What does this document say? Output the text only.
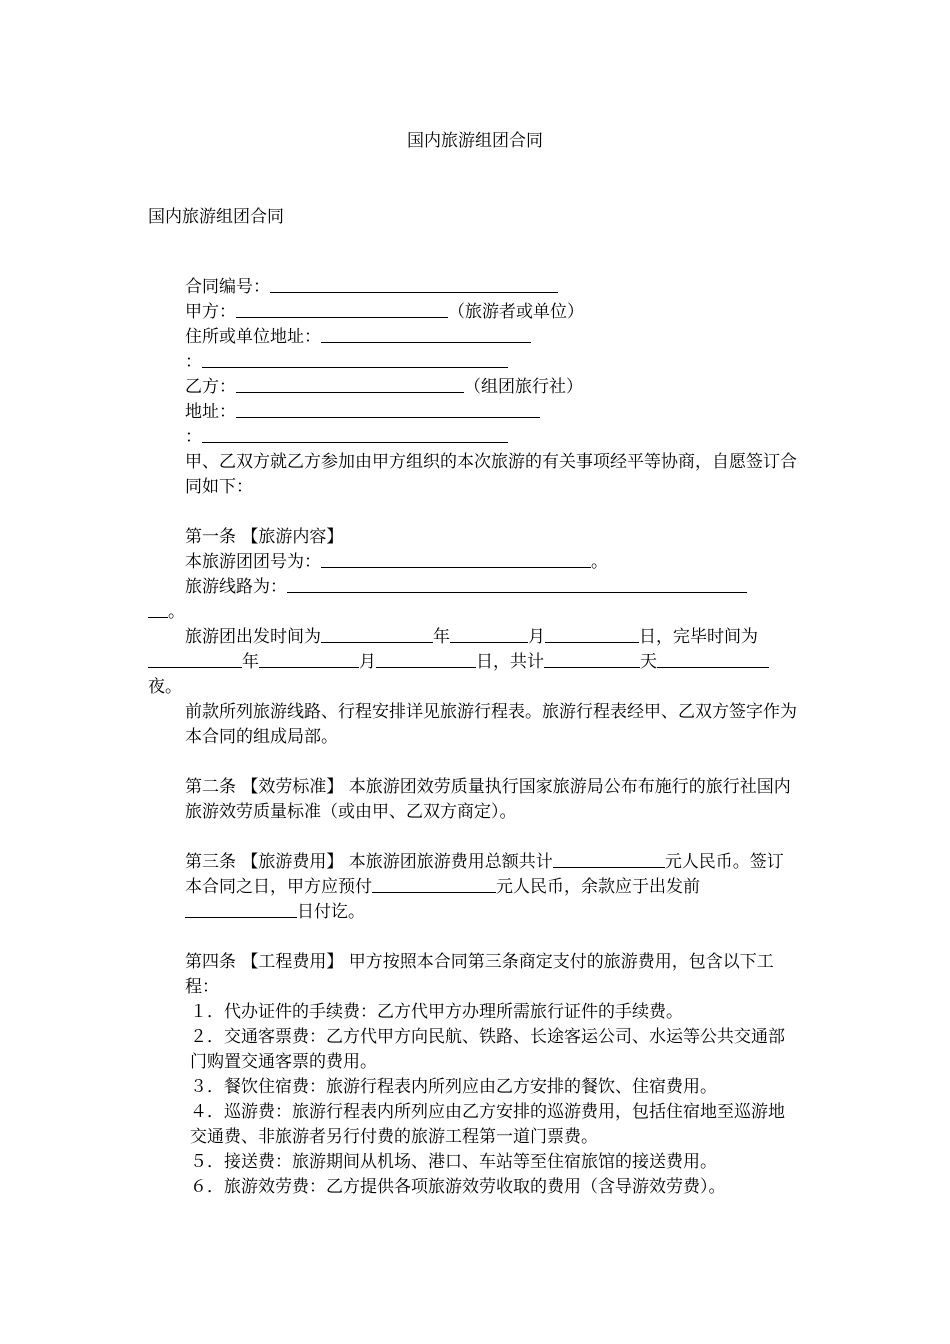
国内旅游组团合同
国内旅游组团合同
合同编号：
甲方：	（旅游者或单位）
住所或单位地址：
：
乙方：	（组团旅行社）
地址：
：
甲、乙双方就乙方参加由甲方组织的本次旅游的有关事项经平等协商，自愿签订合同如下：
第一条 【旅游内容】
本旅游团团号为：	。
旅游线路为：
。
旅游团出发时间为	年	月	日，完毕时间为
年	月	日，共计	天
夜。
前款所列旅游线路、行程安排详见旅游行程表。旅游行程表经甲、乙双方签字作为本合同的组成局部。
第二条 【效劳标准】 本旅游团效劳质量执行国家旅游局公布布施行的旅行社国内旅游效劳质量标准（或由甲、乙双方商定）。
第三条 【旅游费用】 本旅游团旅游费用总额共计	元人民币。签订本合同之日，甲方应预付	元人民币，余款应于出发前日付讫。
第四条 【工程费用】 甲方按照本合同第三条商定支付的旅游费用，包含以下工程：
１．代办证件的手续费：乙方代甲方办理所需旅行证件的手续费。
２．交通客票费：乙方代甲方向民航、铁路、长途客运公司、水运等公共交通部门购置交通客票的费用。
３．餐饮住宿费：旅游行程表内所列应由乙方安排的餐饮、住宿费用。
４．巡游费：旅游行程表内所列应由乙方安排的巡游费用，包括住宿地至巡游地交通费、非旅游者另行付费的旅游工程第一道门票费。
５．接送费：旅游期间从机场、港口、车站等至住宿旅馆的接送费用。
６．旅游效劳费：乙方提供各项旅游效劳收取的费用（含导游效劳费）。
